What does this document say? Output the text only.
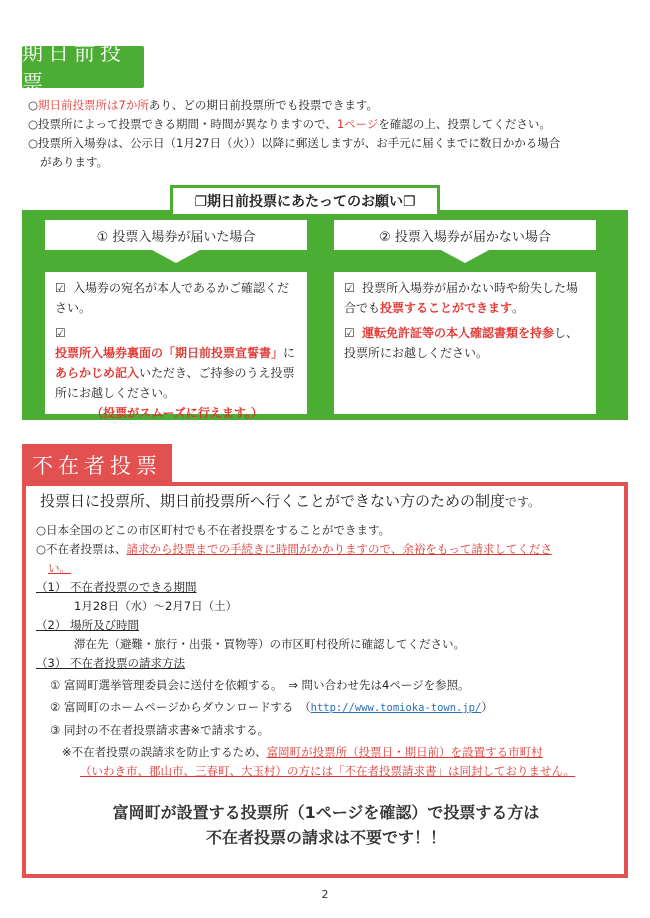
期日前投票
○期日前投票所は7か所あり、どの期日前投票所でも投票できます。
○投票所によって投票できる期間・時間が異なりますので、1ページを確認の上、投票してください。
○投票所入場券は、公示日（1月27日（火））以降に郵送しますが、お手元に届くまでに数日かかる場合
があります。
❐期日前投票にあたってのお願い❐
① 投票入場券が届いた場合	② 投票入場券が届かない場合
☑ 入場券の宛名が本人であるかご確認ください。
☑投票所入場券裏面の「期日前投票宣誓書」にあらかじめ記入いただき、ご持参のうえ投票所にお越しください。
（投票がスムーズに行えます。）
☑ 投票所入場券が届かない時や紛失した場合でも投票することができます。
☑ 運転免許証等の本人確認書類を持参し、投票所にお越しください。
不在者投票
投票日に投票所、期日前投票所へ行くことができない方のための制度です。
○日本全国のどこの市区町村でも不在者投票をすることができます。
○不在者投票は、請求から投票までの手続きに時間がかかりますので、余裕をもって請求してくださ
い。
（1） 不在者投票のできる期間
1月28日（水）～2月7日（土）
（2） 場所及び時間
滞在先（避難・旅行・出張・買物等）の市区町村役所に確認してください。
（3） 不在者投票の請求方法
① 富岡町選挙管理委員会に送付を依頼する。　⇒ 問い合わせ先は4ページを参照。
② 富岡町のホームページからダウンロードする　（http://www.tomioka-town.jp/）
③ 同封の不在者投票請求書※で請求する。
※不在者投票の誤請求を防止するため、富岡町が投票所（投票日・期日前）を設置する市町村
（いわき市、郡山市、三春町、大玉村）の方には「不在者投票請求書」は同封しておりません。
富岡町が設置する投票所（1ページを確認）で投票する方は
不在者投票の請求は不要です！！
2
